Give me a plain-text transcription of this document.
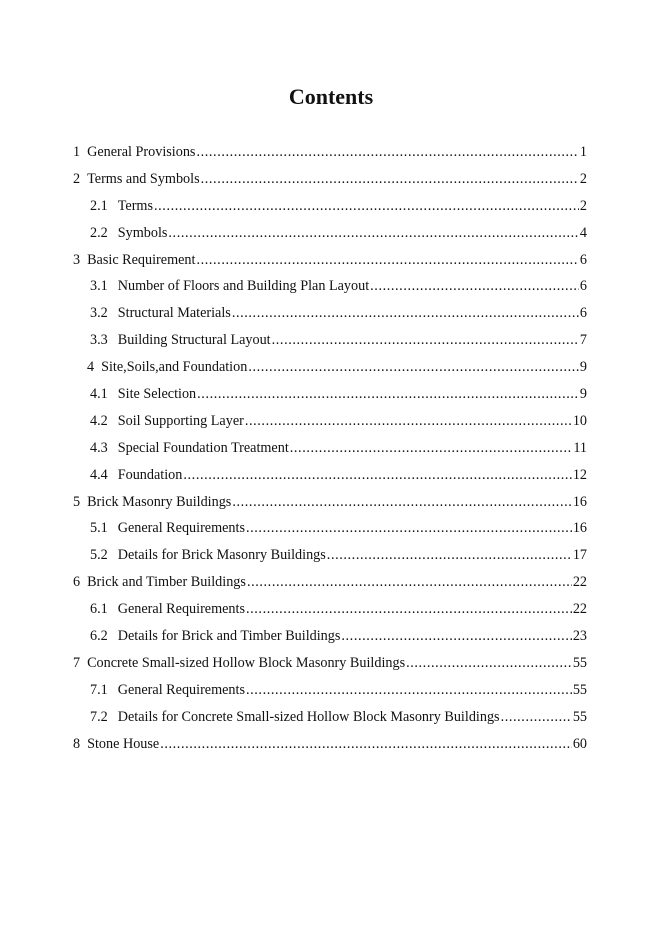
Contents
1 General Provisions .....	1
2 Terms and Symbols .....	2
2.1 Terms .....	2
2.2 Symbols .....	4
3 Basic Requirement .....	6
3.1 Number of Floors and Building Plan Layout .....	6
3.2 Structural Materials .....	6
3.3 Building Structural Layout .....	7
4 Site,Soils,and Foundation .....	9
4.1 Site Selection .....	9
4.2 Soil Supporting Layer .....	10
4.3 Special Foundation Treatment .....	11
4.4 Foundation .....	12
5 Brick Masonry Buildings .....	16
5.1 General Requirements .....	16
5.2 Details for Brick Masonry Buildings .....	17
6 Brick and Timber Buildings .....	22
6.1 General Requirements .....	22
6.2 Details for Brick and Timber Buildings .....	23
7 Concrete Small-sized Hollow Block Masonry Buildings .....	55
7.1 General Requirements .....	55
7.2 Details for Concrete Small-sized Hollow Block Masonry Buildings .....	55
8 Stone House .....	60
